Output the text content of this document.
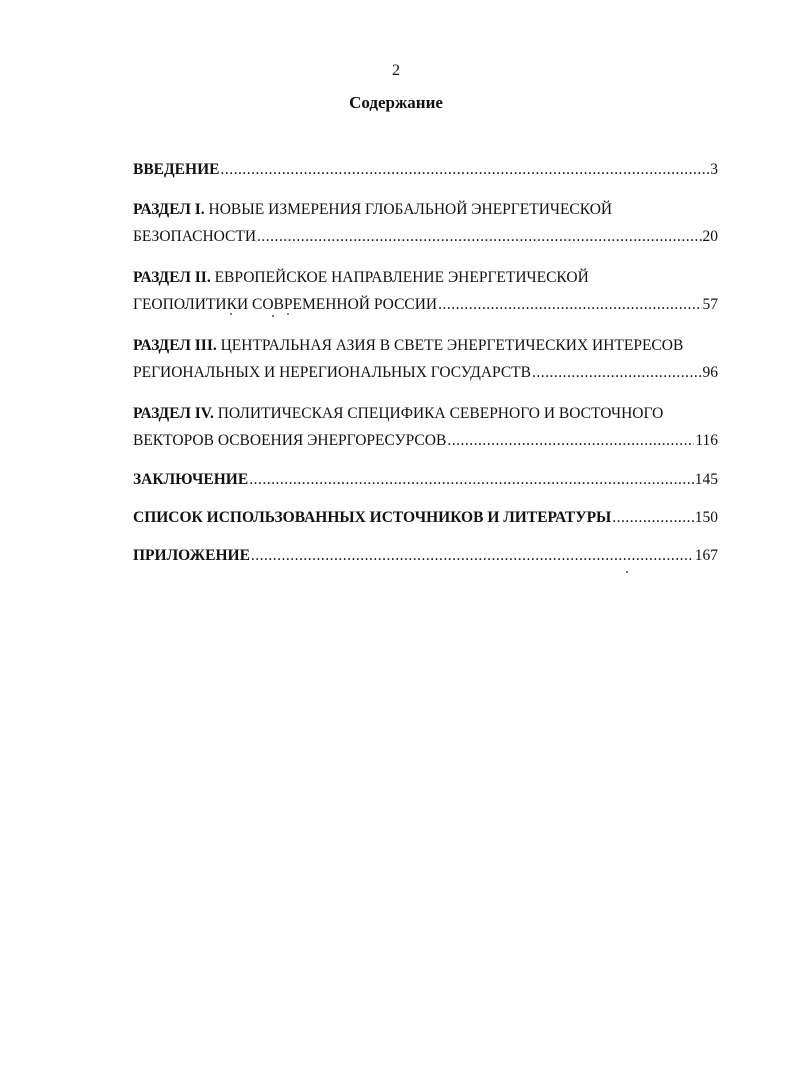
2
Содержание
ВВЕДЕНИЕ .....	3
РАЗДЕЛ I. НОВЫЕ ИЗМЕРЕНИЯ ГЛОБАЛЬНОЙ ЭНЕРГЕТИЧЕСКОЙ
БЕЗОПАСНОСТИ .....	20
РАЗДЕЛ II. ЕВРОПЕЙСКОЕ НАПРАВЛЕНИЕ ЭНЕРГЕТИЧЕСКОЙ
ГЕОПОЛИТИКИ СОВРЕМЕННОЙ РОССИИ .....	57
РАЗДЕЛ III. ЦЕНТРАЛЬНАЯ АЗИЯ В СВЕТЕ ЭНЕРГЕТИЧЕСКИХ ИНТЕРЕСОВ
РЕГИОНАЛЬНЫХ И НЕРЕГИОНАЛЬНЫХ ГОСУДАРСТВ .....	96
РАЗДЕЛ IV. ПОЛИТИЧЕСКАЯ СПЕЦИФИКА СЕВЕРНОГО И ВОСТОЧНОГО
ВЕКТОРОВ ОСВОЕНИЯ ЭНЕРГОРЕСУРСОВ .....	116
ЗАКЛЮЧЕНИЕ .....	145
СПИСОК ИСПОЛЬЗОВАННЫХ ИСТОЧНИКОВ И ЛИТЕРАТУРЫ .....	150
ПРИЛОЖЕНИЕ .....	167
